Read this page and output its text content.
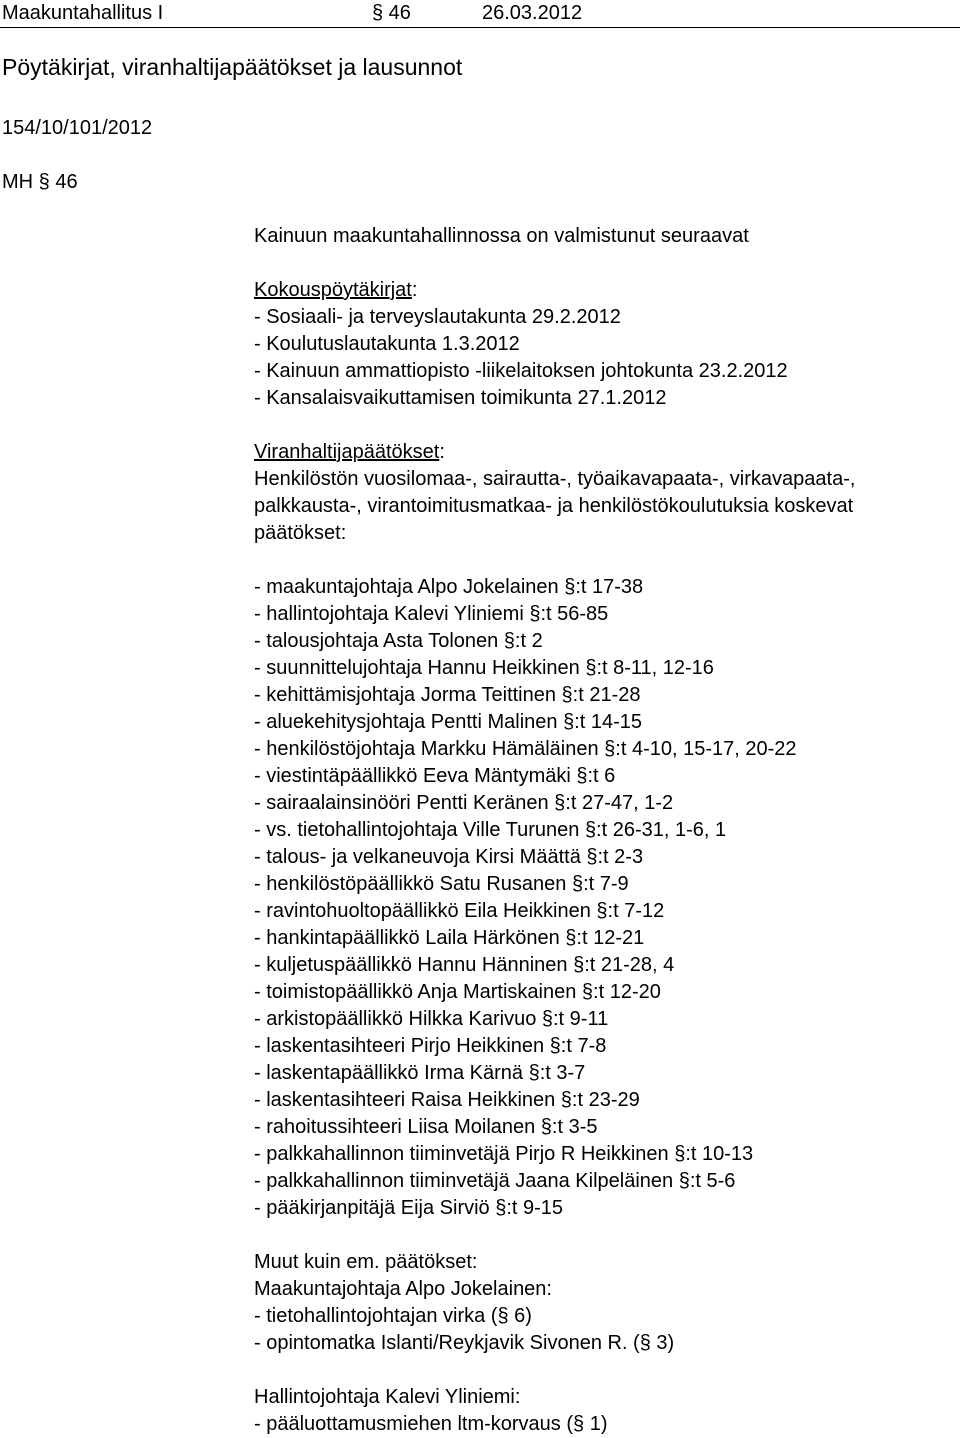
Maakuntahallitus I	§ 46	26.03.2012
Pöytäkirjat, viranhaltijapäätökset ja lausunnot
154/10/101/2012
MH § 46
Kainuun maakuntahallinnossa on valmistunut seuraavat
Kokouspöytäkirjat:
- Sosiaali- ja terveyslautakunta 29.2.2012
- Koulutuslautakunta 1.3.2012
- Kainuun ammattiopisto -liikelaitoksen johtokunta 23.2.2012
- Kansalaisvaikuttamisen toimikunta 27.1.2012
Viranhaltijapäätökset:
Henkilöstön vuosilomaa-, sairautta-, työaikavapaata-, virkavapaata-,
palkkausta-, virantoimitusmatkaa- ja henkilöstökoulutuksia koskevat
päätökset:
- maakuntajohtaja Alpo Jokelainen §:t 17-38
- hallintojohtaja Kalevi Yliniemi §:t 56-85
- talousjohtaja Asta Tolonen §:t 2
- suunnittelujohtaja Hannu Heikkinen §:t 8-11, 12-16
- kehittämisjohtaja Jorma Teittinen §:t 21-28
- aluekehitysjohtaja Pentti Malinen §:t 14-15
- henkilöstöjohtaja Markku Hämäläinen §:t 4-10, 15-17, 20-22
- viestintäpäällikkö Eeva Mäntymäki §:t 6
- sairaalainsinööri Pentti Keränen §:t 27-47, 1-2
- vs. tietohallintojohtaja Ville Turunen §:t 26-31, 1-6, 1
- talous- ja velkaneuvoja Kirsi Määttä §:t 2-3
- henkilöstöpäällikkö Satu Rusanen §:t 7-9
- ravintohuoltopäällikkö Eila Heikkinen §:t 7-12
- hankintapäällikkö Laila Härkönen §:t 12-21
- kuljetuspäällikkö Hannu Hänninen §:t 21-28, 4
- toimistopäällikkö Anja Martiskainen §:t 12-20
- arkistopäällikkö Hilkka Karivuo §:t 9-11
- laskentasihteeri Pirjo Heikkinen §:t 7-8
- laskentapäällikkö Irma Kärnä §:t 3-7
- laskentasihteeri Raisa Heikkinen §:t 23-29
- rahoitussihteeri Liisa Moilanen §:t 3-5
- palkkahallinnon tiiminvetäjä Pirjo R Heikkinen §:t 10-13
- palkkahallinnon tiiminvetäjä Jaana Kilpeläinen §:t 5-6
- pääkirjanpitäjä Eija Sirviö §:t 9-15
Muut kuin em. päätökset:
Maakuntajohtaja Alpo Jokelainen:
- tietohallintojohtajan virka (§ 6)
- opintomatka Islanti/Reykjavik Sivonen R. (§ 3)
Hallintojohtaja Kalevi Yliniemi:
- pääluottamusmiehen ltm-korvaus (§ 1)
